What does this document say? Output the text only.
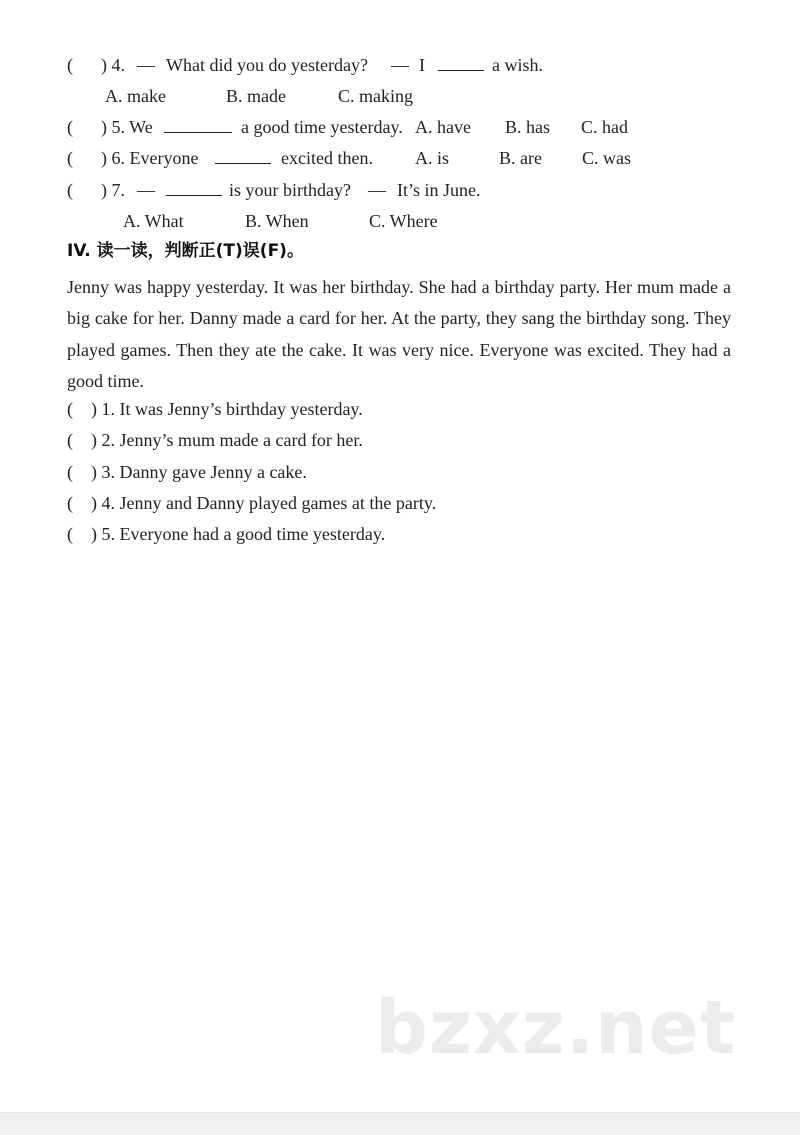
( ) 4. — What did you do yesterday? — I	a wish.
A. make	B. made	C. making
( ) 5. We	a good time yesterday. A. have B. has C. had
( ) 6. Everyone	excited then. A. is	B. are C. was
( ) 7. —	is your birthday? — It’s in June.
A. What	B. When	C. Where
IV. 读一读，判断正(T)误(F)。
Jenny was happy yesterday. It was her birthday. She had a birthday party. Her mum made a big cake for her. Danny made a card for her. At the party, they sang the birthday song. They played games. Then they ate the cake. It was very nice. Everyone was excited. They had a good time.
( ) 1. It was Jenny’s birthday yesterday.
( ) 2. Jenny’s mum made a card for her.
( ) 3. Danny gave Jenny a cake.
( ) 4. Jenny and Danny played games at the party.
( ) 5. Everyone had a good time yesterday.
bzxz.net
